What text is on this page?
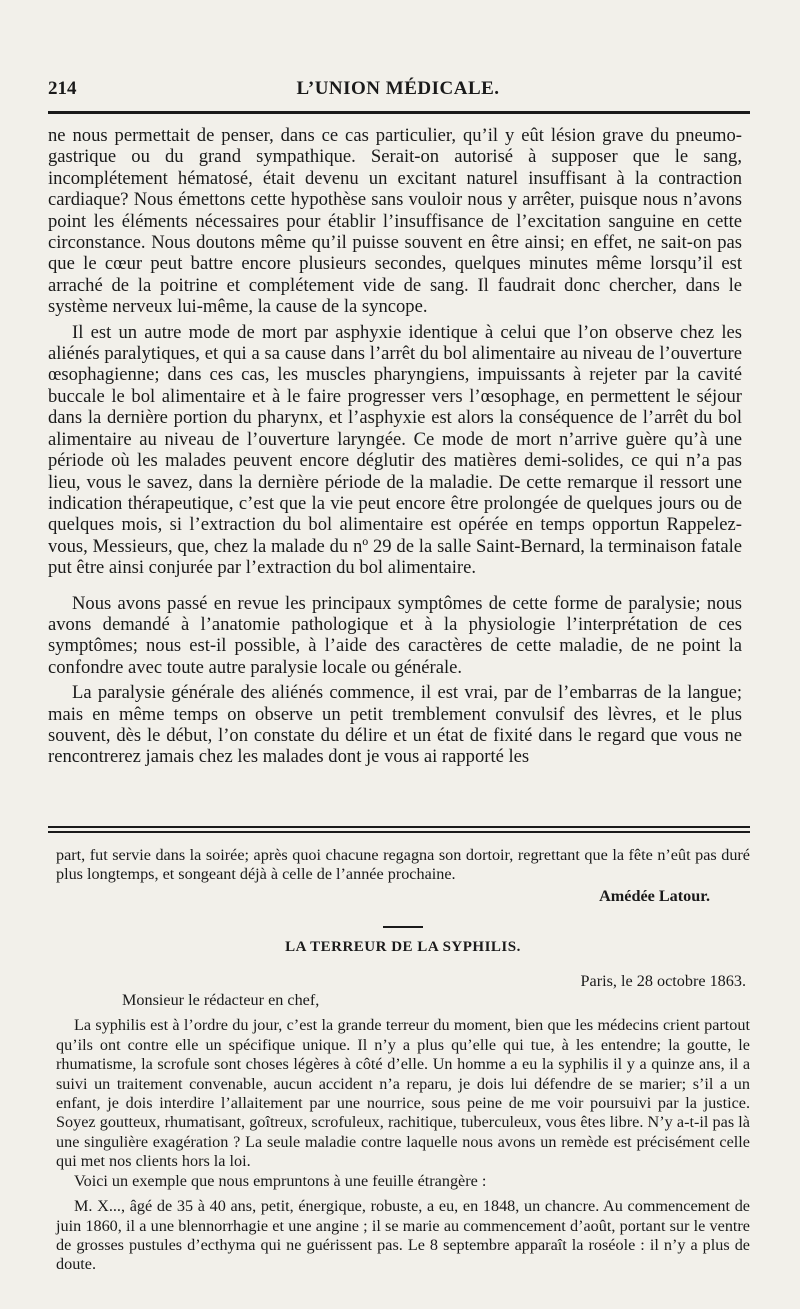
214	L’UNION MÉDICALE.

ne nous permettait de penser, dans ce cas particulier, qu’il y eût lésion grave du pneumo-gastrique ou du grand sympathique. Serait-on autorisé à supposer que le sang, incomplétement hématosé, était devenu un excitant naturel insuffisant à la contraction cardiaque? Nous émettons cette hypothèse sans vouloir nous y arrêter, puisque nous n’avons point les éléments nécessaires pour établir l’insuffisance de l’excitation sanguine en cette circonstance. Nous doutons même qu’il puisse souvent en être ainsi; en effet, ne sait-on pas que le cœur peut battre encore plusieurs secondes, quelques minutes même lorsqu’il est arraché de la poitrine et complétement vide de sang. Il faudrait donc chercher, dans le système nerveux lui-même, la cause de la syncope.

Il est un autre mode de mort par asphyxie identique à celui que l’on observe chez les aliénés paralytiques, et qui a sa cause dans l’arrêt du bol alimentaire au niveau de l’ouverture œsophagienne; dans ces cas, les muscles pharyngiens, impuissants à rejeter par la cavité buccale le bol alimentaire et à le faire progresser vers l’œsophage, en permettent le séjour dans la dernière portion du pharynx, et l’asphyxie est alors la conséquence de l’arrêt du bol alimentaire au niveau de l’ouverture laryngée. Ce mode de mort n’arrive guère qu’à une période où les malades peuvent encore déglutir des matières demi-solides, ce qui n’a pas lieu, vous le savez, dans la dernière période de la maladie. De cette remarque il ressort une indication thérapeutique, c’est que la vie peut encore être prolongée de quelques jours ou de quelques mois, si l’extraction du bol alimentaire est opérée en temps opportun Rappelez-vous, Messieurs, que, chez la malade du nº 29 de la salle Saint-Bernard, la terminaison fatale put être ainsi conjurée par l’extraction du bol alimentaire.

Nous avons passé en revue les principaux symptômes de cette forme de paralysie; nous avons demandé à l’anatomie pathologique et à la physiologie l’interprétation de ces symptômes; nous est-il possible, à l’aide des caractères de cette maladie, de ne point la confondre avec toute autre paralysie locale ou générale.

La paralysie générale des aliénés commence, il est vrai, par de l’embarras de la langue; mais en même temps on observe un petit tremblement convulsif des lèvres, et le plus souvent, dès le début, l’on constate du délire et un état de fixité dans le regard que vous ne rencontrerez jamais chez les malades dont je vous ai rapporté les

part, fut servie dans la soirée; après quoi chacune regagna son dortoir, regrettant que la fête n’eût pas duré plus longtemps, et songeant déjà à celle de l’année prochaine.

Amédée Latour.

LA TERREUR DE LA SYPHILIS.

Paris, le 28 octobre 1863.

Monsieur le rédacteur en chef,

La syphilis est à l’ordre du jour, c’est la grande terreur du moment, bien que les médecins crient partout qu’ils ont contre elle un spécifique unique. Il n’y a plus qu’elle qui tue, à les entendre; la goutte, le rhumatisme, la scrofule sont choses légères à côté d’elle. Un homme a eu la syphilis il y a quinze ans, il a suivi un traitement convenable, aucun accident n’a reparu, je dois lui défendre de se marier; s’il a un enfant, je dois interdire l’allaitement par une nourrice, sous peine de me voir poursuivi par la justice. Soyez goutteux, rhumatisant, goîtreux, scrofuleux, rachitique, tuberculeux, vous êtes libre. N’y a-t-il pas là une singulière exagération ? La seule maladie contre laquelle nous avons un remède est précisément celle qui met nos clients hors la loi.

Voici un exemple que nous empruntons à une feuille étrangère :

M. X..., âgé de 35 à 40 ans, petit, énergique, robuste, a eu, en 1848, un chancre. Au commencement de juin 1860, il a une blennorrhagie et une angine ; il se marie au commencement d’août, portant sur le ventre de grosses pustules d’ecthyma qui ne guérissent pas. Le 8 septembre apparaît la roséole : il n’y a plus de doute.
